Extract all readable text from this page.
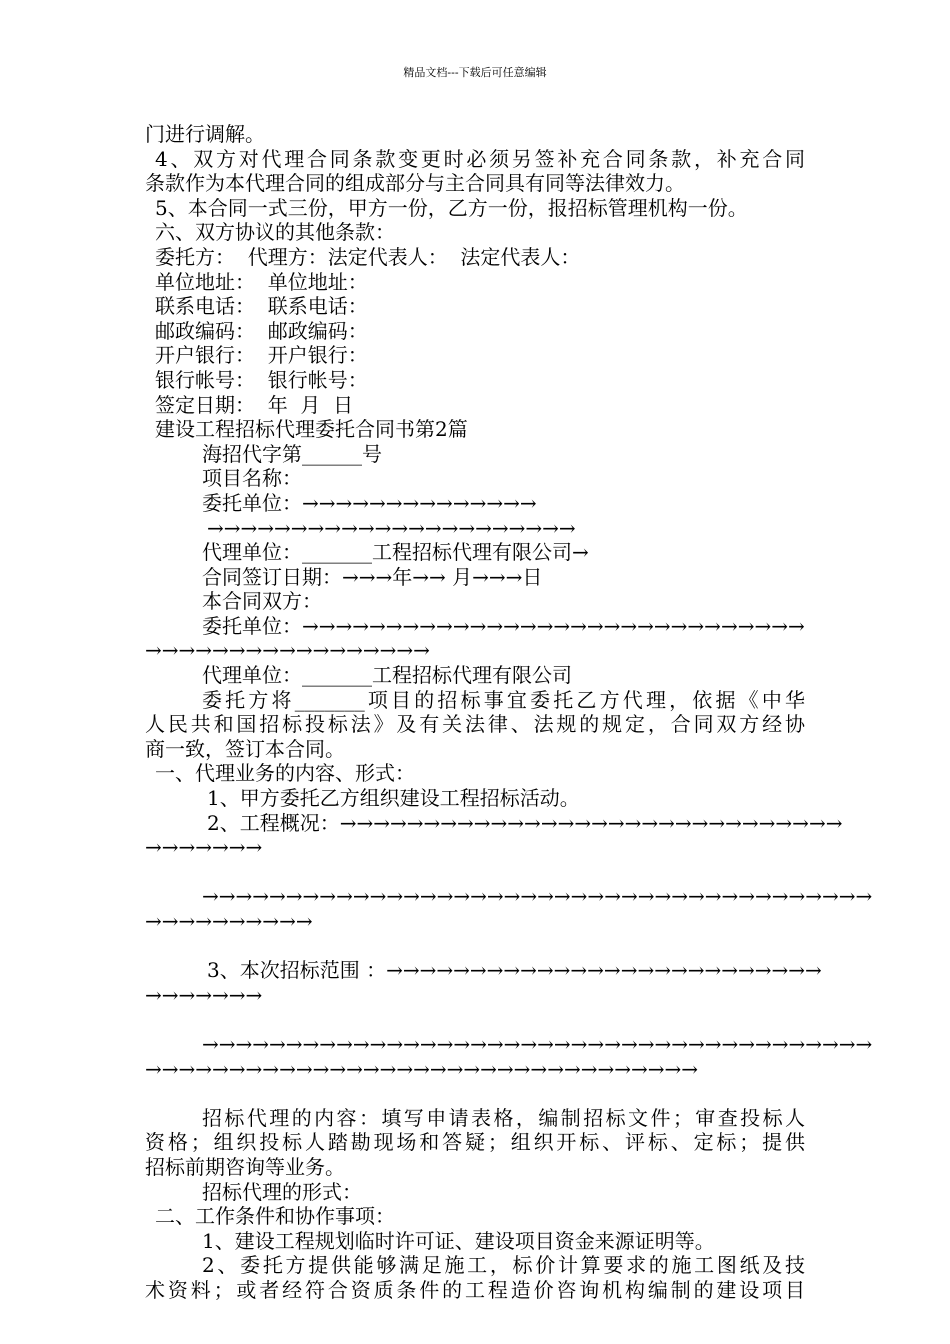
精品文档---下载后可任意编辑
门进行调解。
4、双方对代理合同条款变更时必须另签补充合同条款，补充合同
条款作为本代理合同的组成部分与主合同具有同等法律效力。
5、本合同一式三份，甲方一份，乙方一份，报招标管理机构一份。
六、双方协议的其他条款：
委托方：  代理方：法定代表人：  法定代表人：
单位地址：  单位地址：
联系电话：  联系电话：
邮政编码：  邮政编码：
开户银行：  开户银行：
银行帐号：  银行帐号：
签定日期：  年  月  日
建设工程招标代理委托合同书第2篇
海招代字第______号
项目名称：
委托单位：→→→→→→→→→→→→→→
→→→→→→→→→→→→→→→→→→→→→→
代理单位：_______工程招标代理有限公司→
合同签订日期：→→→年→→ 月→→→日
本合同双方：
委托单位：→→→→→→→→→→→→→→→→→→→→→→→→→→→→→→
→→→→→→→→→→→→→→→→→
代理单位：_______工程招标代理有限公司
委托方将_______项目的招标事宜委托乙方代理，依据《中华
人民共和国招标投标法》及有关法律、法规的规定，合同双方经协
商一致，签订本合同。
一、代理业务的内容、形式：
1、甲方委托乙方组织建设工程招标活动。
2、工程概况：→→→→→→→→→→→→→→→→→→→→→→→→→→→→→→
→→→→→→→
→→→→→→→→→→→→→→→→→→→→→→→→→→→→→→→→→→→→→→→→
→→→→→→→→→→
3、本次招标范围 ：→→→→→→→→→→→→→→→→→→→→→→→→→→
→→→→→→→
→→→→→→→→→→→→→→→→→→→→→→→→→→→→→→→→→→→→→→→→
→→→→→→→→→→→→→→→→→→→→→→→→→→→→→→→→→
招标代理的内容：填写申请表格，编制招标文件；审查投标人
资格；组织投标人踏勘现场和答疑；组织开标、评标、定标；提供
招标前期咨询等业务。
招标代理的形式：
二、工作条件和协作事项：
1、建设工程规划临时许可证、建设项目资金来源证明等。
2、委托方提供能够满足施工，标价计算要求的施工图纸及技
术资料；或者经符合资质条件的工程造价咨询机构编制的建设项目
